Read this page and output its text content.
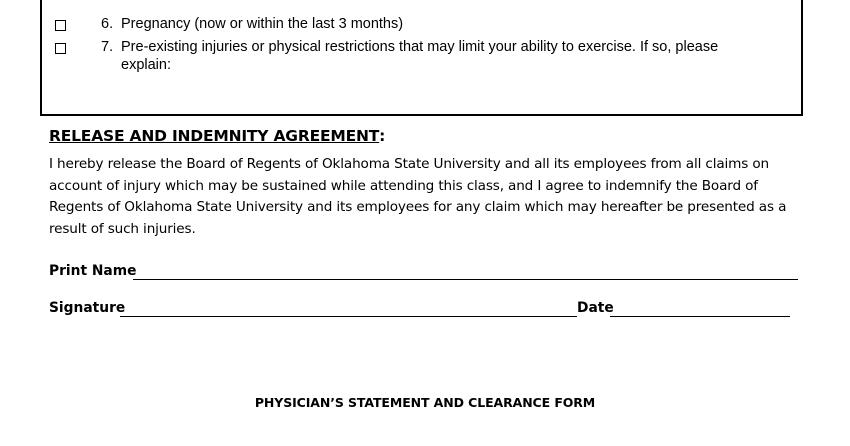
6. Pregnancy (now or within the last 3 months)
7. Pre-existing injuries or physical restrictions that may limit your ability to exercise. If so, please explain:
RELEASE AND INDEMNITY AGREEMENT:
I hereby release the Board of Regents of Oklahoma State University and all its employees from all claims on account of injury which may be sustained while attending this class, and I agree to indemnify the Board of Regents of Oklahoma State University and its employees for any claim which may hereafter be presented as a result of such injuries.
Print Name
Signature	Date
PHYSICIAN’S STATEMENT AND CLEARANCE FORM
